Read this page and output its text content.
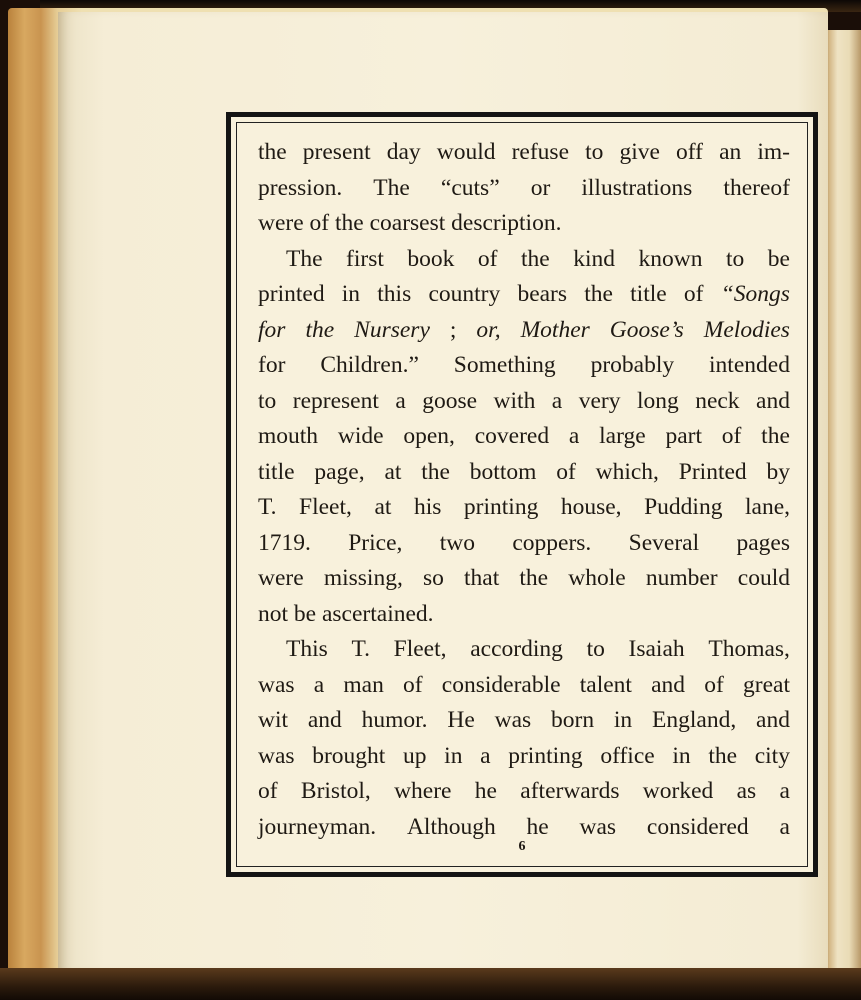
the present day would refuse to give off an im-
pression. The “cuts” or illustrations thereof
were
of
the
coarsest
description.
The first book of the kind known to be
printed in this country bears the title of “Songs
for the Nursery ; or, Mother Goose’s Melodies
for Children.” Something probably intended
to represent a goose with a very long neck and
mouth wide open, covered a large part of the
title page, at the bottom of which, Printed by
T. Fleet, at his printing house, Pudding lane,
1719. Price, two coppers. Several pages
were missing, so that the whole number could
not
be
ascertained.
This T. Fleet, according to Isaiah Thomas,
was a man of considerable talent and of great
wit and humor. He was born in England, and
was brought up in a printing office in the city
of Bristol, where he afterwards worked as a
journeyman. Although he was considered a
6
